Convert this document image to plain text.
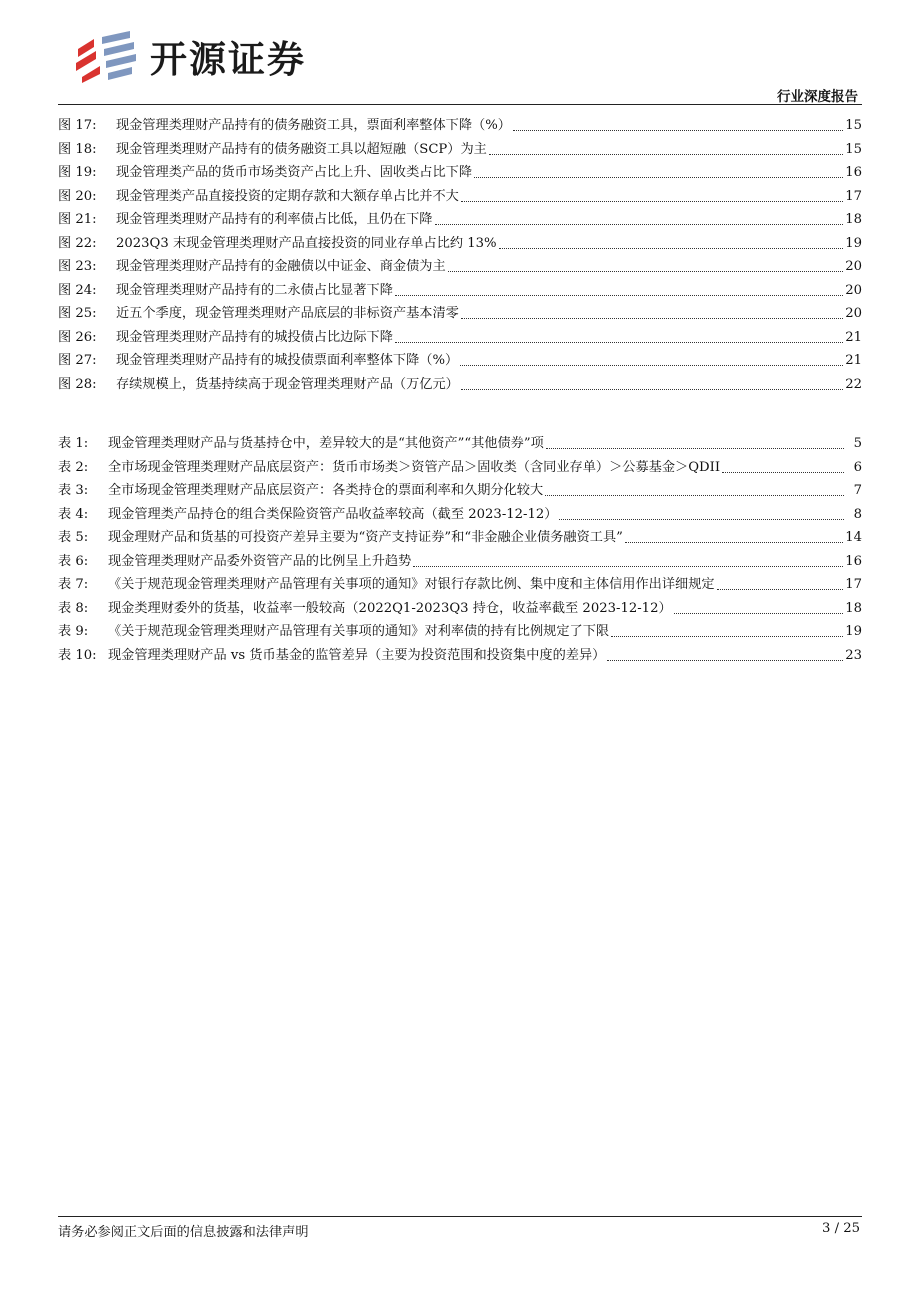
开源证券
行业深度报告
图 17:	现金管理类理财产品持有的债务融资工具，票面利率整体下降（%）	15
图 18:	现金管理类理财产品持有的债务融资工具以超短融（SCP）为主	15
图 19:	现金管理类产品的货币市场类资产占比上升、固收类占比下降	16
图 20:	现金管理类产品直接投资的定期存款和大额存单占比并不大	17
图 21:	现金管理类理财产品持有的利率债占比低，且仍在下降	18
图 22:	2023Q3 末现金管理类理财产品直接投资的同业存单占比约 13%	19
图 23:	现金管理类理财产品持有的金融债以中证金、商金债为主	20
图 24:	现金管理类理财产品持有的二永债占比显著下降	20
图 25:	近五个季度，现金管理类理财产品底层的非标资产基本清零	20
图 26:	现金管理类理财产品持有的城投债占比边际下降	21
图 27:	现金管理类理财产品持有的城投债票面利率整体下降（%）	21
图 28:	存续规模上，货基持续高于现金管理类理财产品（万亿元）	22
表 1:	现金管理类理财产品与货基持仓中，差异较大的是“其他资产”“其他债券”项	5
表 2:	全市场现金管理类理财产品底层资产：货币市场类＞资管产品＞固收类（含同业存单）＞公募基金＞QDII	6
表 3:	全市场现金管理类理财产品底层资产：各类持仓的票面利率和久期分化较大	7
表 4:	现金管理类产品持仓的组合类保险资管产品收益率较高（截至 2023-12-12）	8
表 5:	现金理财产品和货基的可投资产差异主要为“资产支持证券”和“非金融企业债务融资工具”	14
表 6:	现金管理类理财产品委外资管产品的比例呈上升趋势	16
表 7:	《关于规范现金管理类理财产品管理有关事项的通知》对银行存款比例、集中度和主体信用作出详细规定	17
表 8:	现金类理财委外的货基，收益率一般较高（2022Q1-2023Q3 持仓，收益率截至 2023-12-12）	18
表 9:	《关于规范现金管理类理财产品管理有关事项的通知》对利率债的持有比例规定了下限	19
表 10: 现金管理类理财产品 vs 货币基金的监管差异（主要为投资范围和投资集中度的差异）	23
请务必参阅正文后面的信息披露和法律声明	3 / 25
